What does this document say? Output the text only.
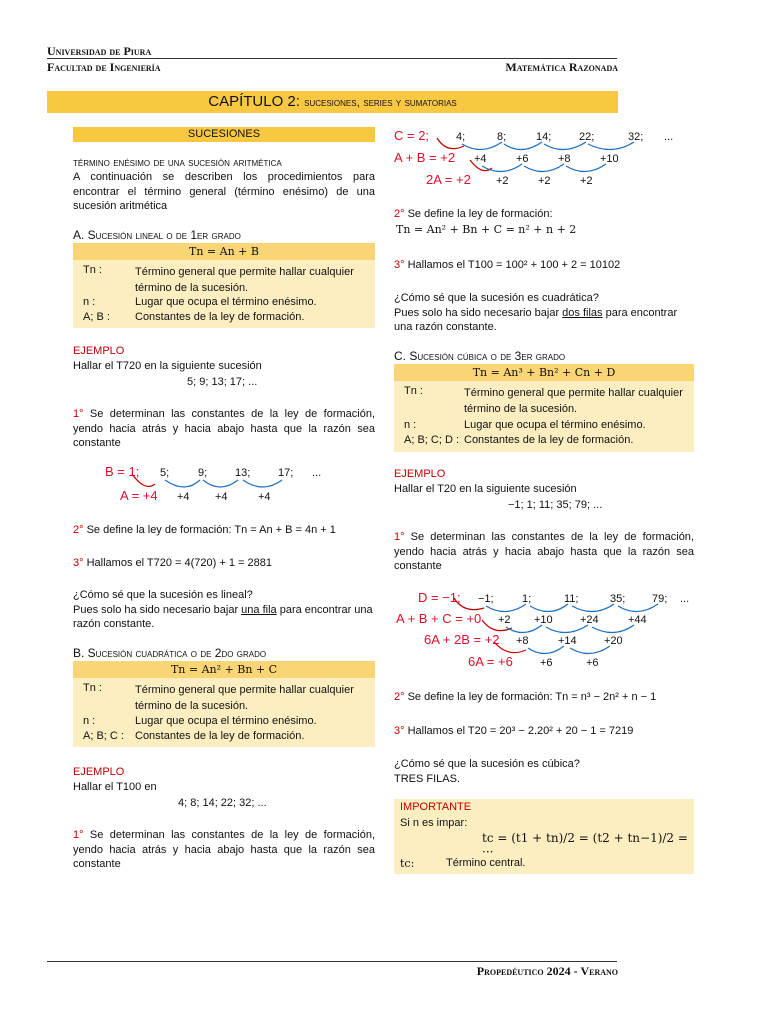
Universidad de Piura
Facultad de Ingeniería	Matemática Razonada
CAPÍTULO 2: sucesiones, series y sumatorias
SUCESIONES
término enésimo de una sucesión aritmética
A continuación se describen los procedimientos para encontrar el término general (término enésimo) de una sucesión aritmética
A. Sucesión lineal o de 1er grado
Tn = An + B
Tn :	Término general que permite hallar cualquier término de la sucesión.
n :	Lugar que ocupa el término enésimo.
A; B : Constantes de la ley de formación.
EJEMPLO
Hallar el T720 en la siguiente sucesión
5; 9; 13; 17; ...
1° Se determinan las constantes de la ley de formación, yendo hacia atrás y hacia abajo hasta que la razón sea constante
B = 1; 5;	9;	13;	17; ...
A = +4 +4 +4	+4
2° Se define la ley de formación: Tn = An + B = 4n + 1
3° Hallamos el T720 = 4(720) + 1 = 2881
¿Cómo sé que la sucesión es lineal?
Pues solo ha sido necesario bajar una fila para encontrar una razón constante.
B. Sucesión cuadrática o de 2do grado
Tn = An² + Bn + C
Tn :	Término general que permite hallar cualquier término de la sucesión.
n :	Lugar que ocupa el término enésimo.
A; B; C : Constantes de la ley de formación.
EJEMPLO
Hallar el T100 en
4; 8; 14; 22; 32; ...
1° Se determinan las constantes de la ley de formación, yendo hacia atrás y hacia abajo hasta que la razón sea constante
C = 2; 4;	8;	14;	22;	32; ...
A + B = +2 +4	+6	+8	+10
2A = +2 +2	+2	+2
2° Se define la ley de formación:
Tn = An² + Bn + C = n² + n + 2
3° Hallamos el T100 = 100² + 100 + 2 = 10102
¿Cómo sé que la sucesión es cuadrática?
Pues solo ha sido necesario bajar dos filas para encontrar una razón constante.
C. Sucesión cúbica o de 3er grado
Tn = An³ + Bn² + Cn + D
Tn :	Término general que permite hallar cualquier término de la sucesión.
n :	Lugar que ocupa el término enésimo.
A; B; C; D : Constantes de la ley de formación.
EJEMPLO
Hallar el T20 en la siguiente sucesión
−1; 1; 11; 35; 79; ...
1° Se determinan las constantes de la ley de formación, yendo hacia atrás y hacia abajo hasta que la razón sea constante
D = −1; −1;	1;	11;	35; 79; ...
A + B + C = +0 +2 +10 +24	+44
6A + 2B = +2 +8	+14 +20
6A = +6 +6	+6
2° Se define la ley de formación: Tn = n³ − 2n² + n − 1
3° Hallamos el T20 = 20³ − 2.20² + 20 − 1 = 7219
¿Cómo sé que la sucesión es cúbica?
TRES FILAS.
IMPORTANTE
Si n es impar:
tc = (t1 + tn)/2 = (t2 + tn−1)/2 = ···
tc:	Término central.
Propedéutico 2024 - Verano
